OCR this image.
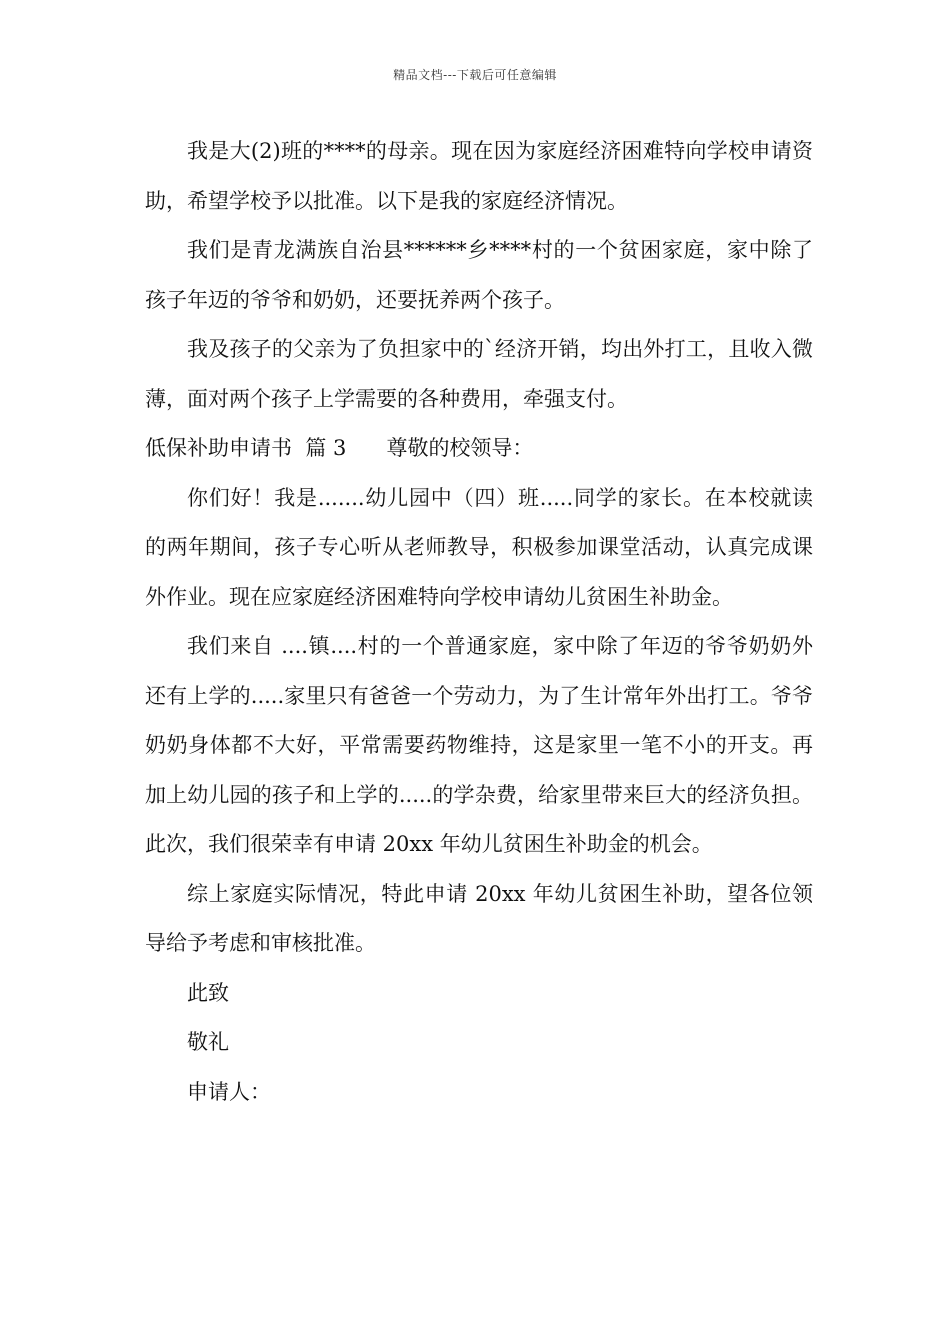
精品文档---下载后可任意编辑

我是大(2)班的****的母亲。现在因为家庭经济困难特向学校申请资助，希望学校予以批准。以下是我的家庭经济情况。

我们是青龙满族自治县******乡****村的一个贫困家庭，家中除了孩子年迈的爷爷和奶奶，还要抚养两个孩子。

我及孩子的父亲为了负担家中的`经济开销，均出外打工，且收入微薄，面对两个孩子上学需要的各种费用，牵强支付。

低保补助申请书  篇 3      尊敬的校领导：

你们好！我是.......幼儿园中（四）班.....同学的家长。在本校就读的两年期间，孩子专心听从老师教导，积极参加课堂活动，认真完成课外作业。现在应家庭经济困难特向学校申请幼儿贫困生补助金。

我们来自 ....镇....村的一个普通家庭，家中除了年迈的爷爷奶奶外还有上学的.....家里只有爸爸一个劳动力，为了生计常年外出打工。爷爷奶奶身体都不大好，平常需要药物维持，这是家里一笔不小的开支。再加上幼儿园的孩子和上学的.....的学杂费，给家里带来巨大的经济负担。此次，我们很荣幸有申请 20xx 年幼儿贫困生补助金的机会。

综上家庭实际情况，特此申请 20xx 年幼儿贫困生补助，望各位领导给予考虑和审核批准。

此致

敬礼

申请人：
